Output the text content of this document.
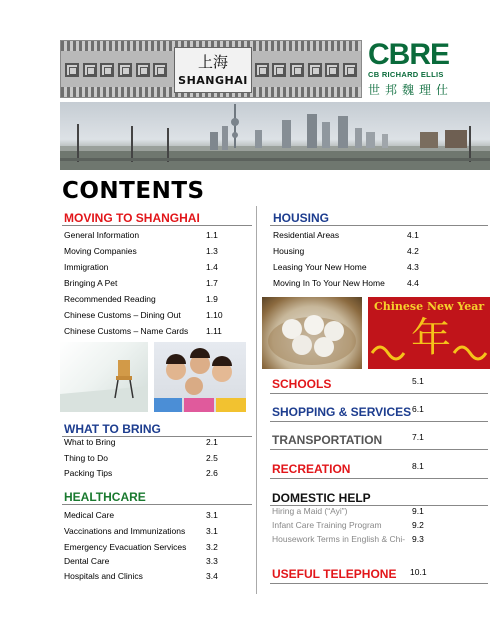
上海
SHANGHAI
CBRE
CB RICHARD ELLIS
世邦魏理仕
CONTENTS
MOVING TO SHANGHAI
General Information	1.1
Moving Companies	1.3
Immigration	1.4
Bringing A Pet	1.7
Recommended Reading	1.9
Chinese Customs – Dining Out	1.10
Chinese Customs – Name Cards 1.11
HOUSING
Residential Areas	4.1
Housing	4.2
Leasing Your New Home	4.3
Moving In To Your New Home	4.4
Chinese New Year
年
SCHOOLS	5.1
SHOPPING & SERVICES 6.1
WHAT TO BRING
What to Bring	2.1
Thing to Do	2.5
Packing Tips	2.6
TRANSPORTATION	7.1
RECREATION	8.1
HEALTHCARE
Medical Care	3.1
Vaccinations and Immunizations 3.1
Emergency Evacuation Services 3.2
Dental Care	3.3
Hospitals and Clinics	3.4
DOMESTIC HELP
Hiring a Maid (“Ayi”)	9.1
Infant Care Training Program	9.2
Housework Terms in English & Chi- 9.3
USEFUL TELEPHONE 10.1
